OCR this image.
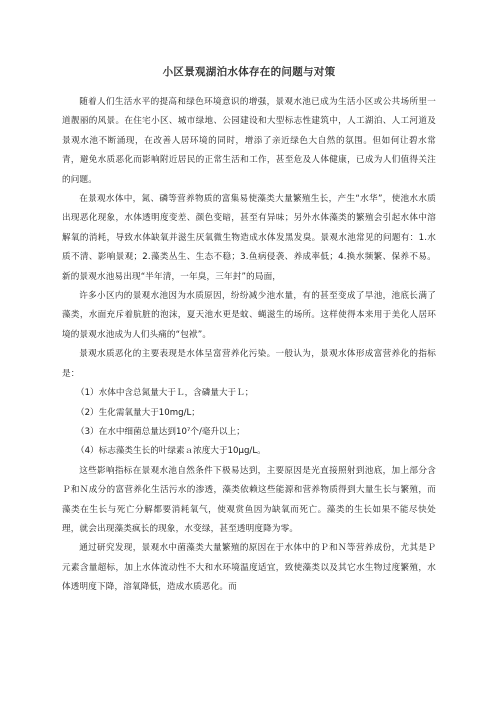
小区景观湖泊水体存在的问题与对策

随着人们生活水平的提高和绿色环境意识的增强，景观水池已成为生活小区或公共场所里一道靓丽的风景。在住宅小区、城市绿地、公园建设和大型标志性建筑中，人工湖泊、人工河道及景观水池不断涌现，在改善人居环境的同时，增添了亲近绿色大自然的氛围。但如何让碧水常青，避免水质恶化而影响附近居民的正常生活和工作，甚至危及人体健康，已成为人们值得关注的问题。

在景观水体中，氮、磷等营养物质的富集易使藻类大量繁殖生长，产生“水华”，使池水水质出现恶化现象，水体透明度变差、颜色变暗，甚至有异味；另外水体藻类的繁殖会引起水体中溶解氧的消耗，导致水体缺氧并滋生厌氧微生物造成水体发黑发臭。景观水池常见的问题有：1.水质不清、影响景观；2.藻类丛生、生态不稳；3.鱼病侵袭、养成率低；4.换水频繁、保养不易。新的景观水池易出现“半年清，一年臭，三年封”的局面，

许多小区内的景观水池因为水质原因，纷纷减少池水量，有的甚至变成了旱池，池底长满了藻类，水面充斥着肮脏的泡沫，夏天池水更是蚊、蝇滋生的场所。这样使得本来用于美化人居环境的景观水池成为人们头痛的“包袱”。

景观水质恶化的主要表现是水体呈富营养化污染。一般认为，景观水体形成富营养化的指标是：

（1）水体中含总氮量大于Ｌ，含磷量大于Ｌ；

（2）生化需氧量大于10mg/L；

（3）在水中细菌总量达到10⁷个/毫升以上；

（4）标志藻类生长的叶绿素ａ浓度大于10μg/L。

这些影响指标在景观水池自然条件下极易达到，主要原因是光直接照射到池底，加上部分含Ｐ和Ｎ成分的富营养化生活污水的渗透，藻类依赖这些能源和营养物质得到大量生长与繁殖，而藻类在生长与死亡分解都要消耗氧气，使观赏鱼因为缺氧而死亡。藻类的生长如果不能尽快处理，就会出现藻类疯长的现象，水变绿，甚至透明度降为零。

通过研究发现，景观水中菌藻类大量繁殖的原因在于水体中的Ｐ和Ｎ等营养成份，尤其是Ｐ元素含量超标，加上水体流动性不大和水环境温度适宜，致使藻类以及其它水生物过度繁殖，水体透明度下降，溶氧降低，造成水质恶化。而
